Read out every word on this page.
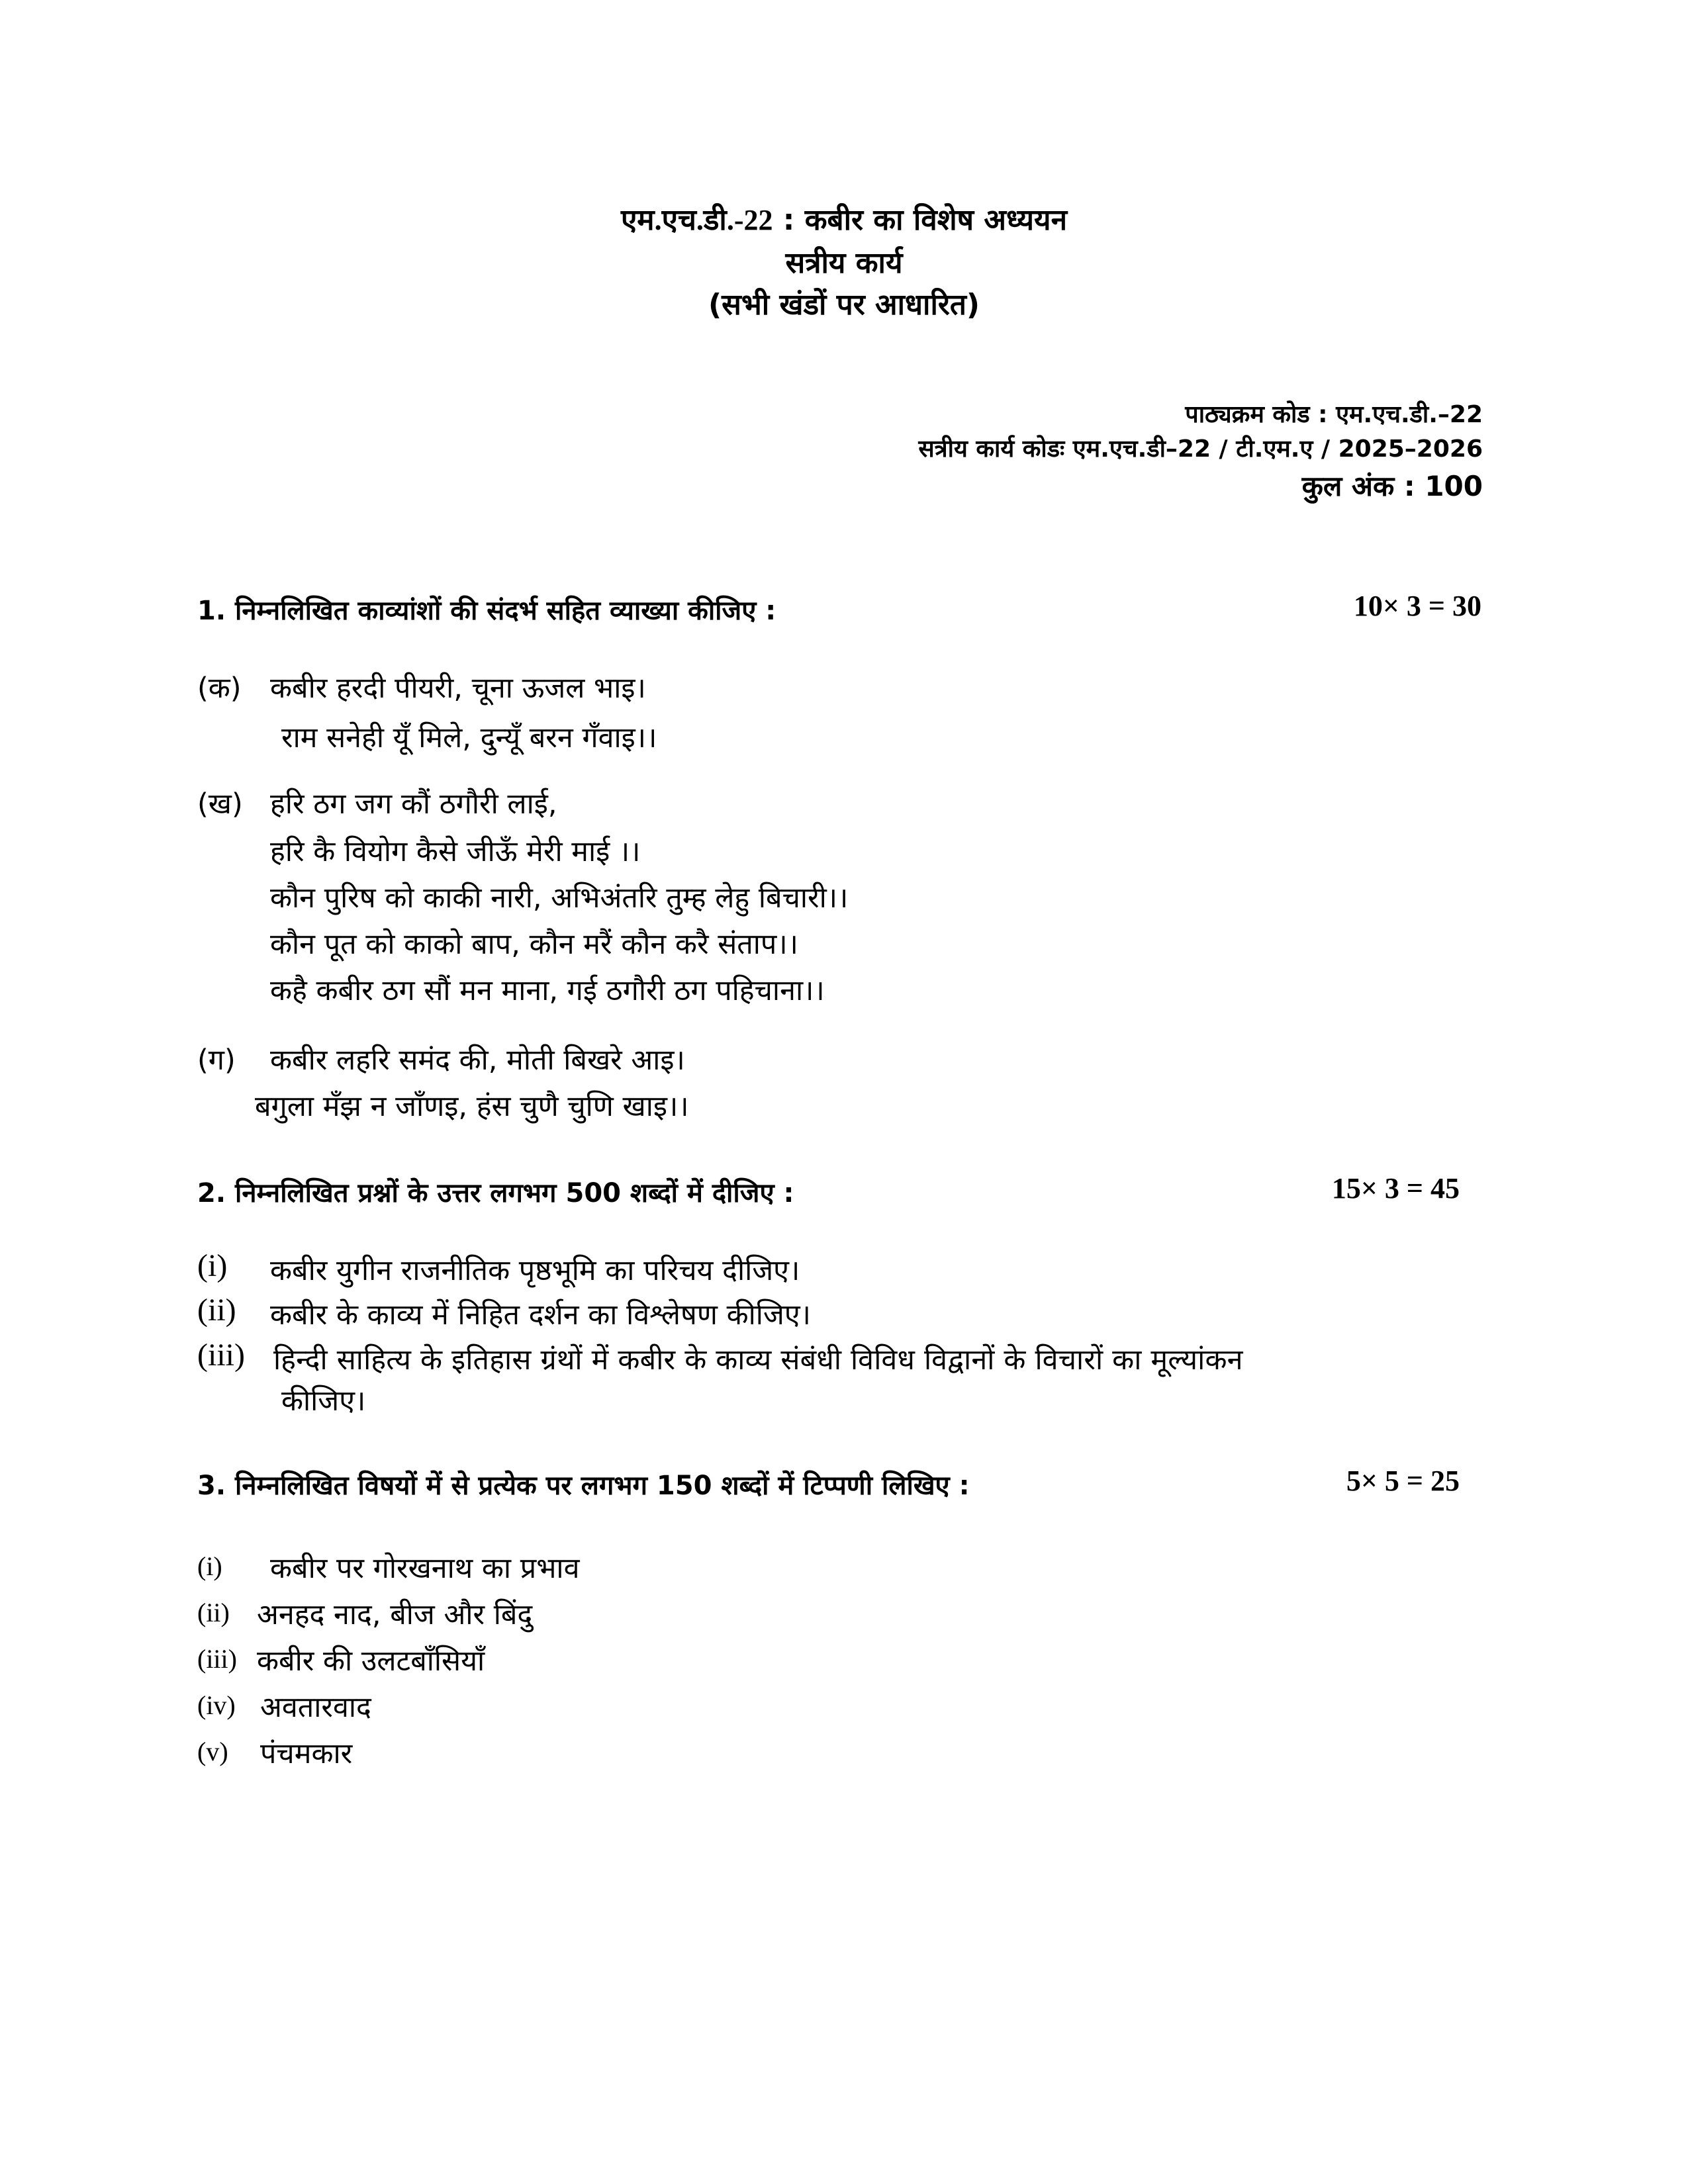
एम.एच.डी.-22 : कबीर का विशेष अध्ययन
सत्रीय कार्य
(सभी खंडों पर आधारित)
पाठ्यक्रम कोड : एम.एच.डी.–22
सत्रीय कार्य कोडः एम.एच.डी–22 / टी.एम.ए / 2025–2026
कुल अंक : 100
1. निम्नलिखित काव्यांशों की संदर्भ सहित व्याख्या कीजिए :	10× 3 = 30
(क) कबीर हरदी पीयरी, चूना ऊजल भाइ।
राम सनेही यूँ मिले, दुन्यूँ बरन गँवाइ।।
(ख) हरि ठग जग कौं ठगौरी लाई,
हरि कै वियोग कैसे जीऊँ मेरी माई ।।
कौन पुरिष को काकी नारी, अभिअंतरि तुम्ह लेहु बिचारी।।
कौन पूत को काको बाप, कौन मरैं कौन करै संताप।।
कहै कबीर ठग सौं मन माना, गई ठगौरी ठग पहिचाना।।
(ग) कबीर लहरि समंद की, मोती बिखरे आइ।
बगुला मँझ न जाँणइ, हंस चुणै चुणि खाइ।।
2. निम्नलिखित प्रश्नों के उत्तर लगभग 500 शब्दों में दीजिए :	15× 3 = 45
(i) कबीर युगीन राजनीतिक पृष्ठभूमि का परिचय दीजिए।
(ii) कबीर के काव्य में निहित दर्शन का विश्लेषण कीजिए।
(iii) हिन्दी साहित्य के इतिहास ग्रंथों में कबीर के काव्य संबंधी विविध विद्वानों के विचारों का मूल्यांकन
कीजिए।
3. निम्नलिखित विषयों में से प्रत्येक पर लगभग 150 शब्दों में टिप्पणी लिखिए :	5× 5 = 25
(i) कबीर पर गोरखनाथ का प्रभाव
(ii) अनहद नाद, बीज और बिंदु
(iii) कबीर की उलटबाँसियाँ
(iv) अवतारवाद
(v) पंचमकार
